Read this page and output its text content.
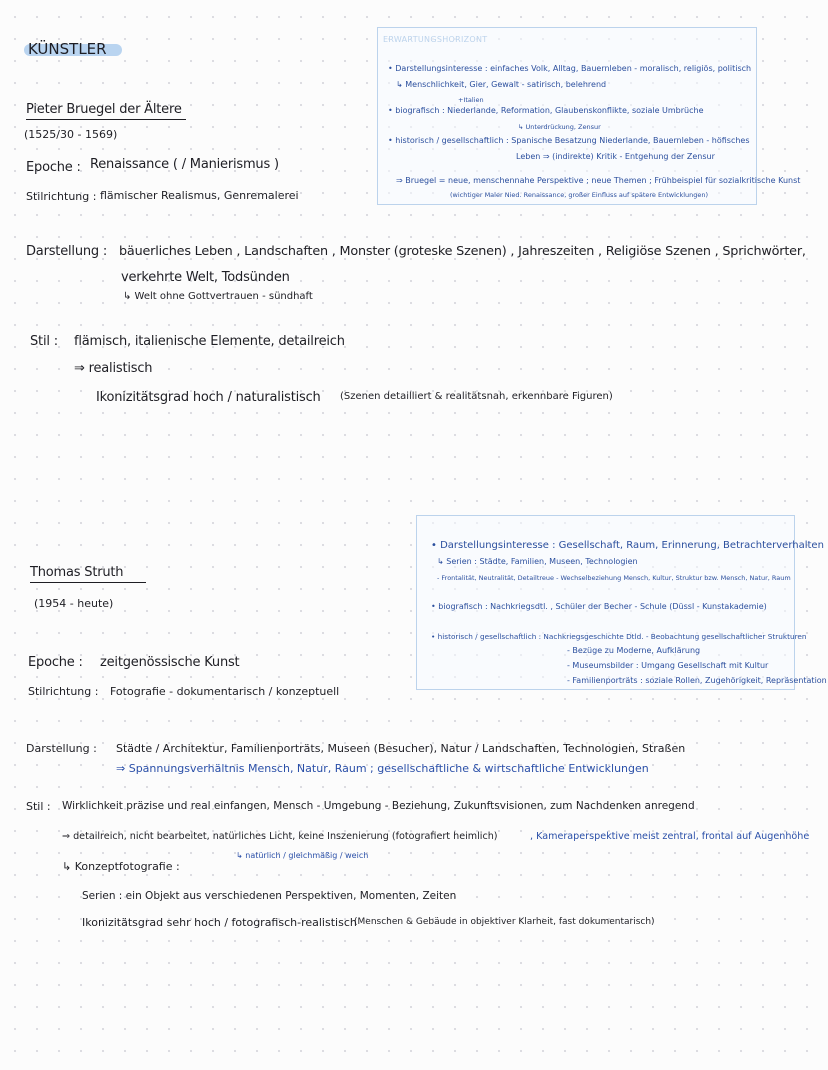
KÜNSTLER
Pieter Bruegel der Ältere
(1525/30 - 1569)
Epoche : Renaissance ( / Manierismus )
Stilrichtung : flämischer Realismus, Genremalerei
ERWARTUNGSHORIZONT
• Darstellungsinteresse : einfaches Volk, Alltag, Bauernleben - moralisch, religiös, politisch
↳ Menschlichkeit, Gier, Gewalt - satirisch, belehrend
+Italien
• biografisch : Niederlande, Reformation, Glaubenskonflikte, soziale Umbrüche
↳ Unterdrückung, Zensur
• historisch / gesellschaftlich : Spanische Besatzung Niederlande, Bauernleben - höfisches
Leben ⇒ (indirekte) Kritik - Entgehung der Zensur
⇒ Bruegel = neue, menschennahe Perspektive ; neue Themen ; Frühbeispiel für sozialkritische Kunst
(wichtiger Maler Nied. Renaissance, großer Einfluss auf spätere Entwicklungen)
Darstellung : bäuerliches Leben , Landschaften , Monster (groteske Szenen) , Jahreszeiten , Religiöse Szenen , Sprichwörter,
verkehrte Welt, Todsünden
↳ Welt ohne Gottvertrauen - sündhaft
Stil : flämisch, italienische Elemente, detailreich
⇒ realistisch
Ikonizitätsgrad hoch / naturalistisch (Szenen detailliert & realitätsnah, erkennbare Figuren)
• Darstellungsinteresse : Gesellschaft, Raum, Erinnerung, Betrachterverhalten
↳ Serien : Städte, Familien, Museen, Technologien
- Frontalität, Neutralität, Detailtreue - Wechselbeziehung Mensch, Kultur, Struktur bzw. Mensch, Natur, Raum
• biografisch : Nachkriegsdtl. , Schüler der Becher - Schule (Düssl - Kunstakademie)
• historisch / gesellschaftlich : Nachkriegsgeschichte Dtld. - Beobachtung gesellschaftlicher Strukturen
- Bezüge zu Moderne, Aufklärung
- Museumsbilder : Umgang Gesellschaft mit Kultur
- Familienporträts : soziale Rollen, Zugehörigkeit, Repräsentation
Thomas Struth
(1954 - heute)
Epoche : zeitgenössische Kunst
Stilrichtung : Fotografie - dokumentarisch / konzeptuell
Darstellung : Städte / Architektur, Familienporträts, Museen (Besucher), Natur / Landschaften, Technologien, Straßen
⇒ Spannungsverhältnis Mensch, Natur, Raum ; gesellschaftliche & wirtschaftliche Entwicklungen
Stil : Wirklichkeit präzise und real einfangen, Mensch - Umgebung - Beziehung, Zukunftsvisionen, zum Nachdenken anregend
⇒ detailreich, nicht bearbeitet, natürliches Licht, keine Inszenierung (fotografiert heimlich)	, Kameraperspektive meist zentral, frontal auf Augenhöhe
↳ natürlich / gleichmäßig / weich
↳ Konzeptfotografie :
Serien : ein Objekt aus verschiedenen Perspektiven, Momenten, Zeiten
Ikonizitätsgrad sehr hoch / fotografisch-realistisch
(Menschen & Gebäude in objektiver Klarheit, fast dokumentarisch)
